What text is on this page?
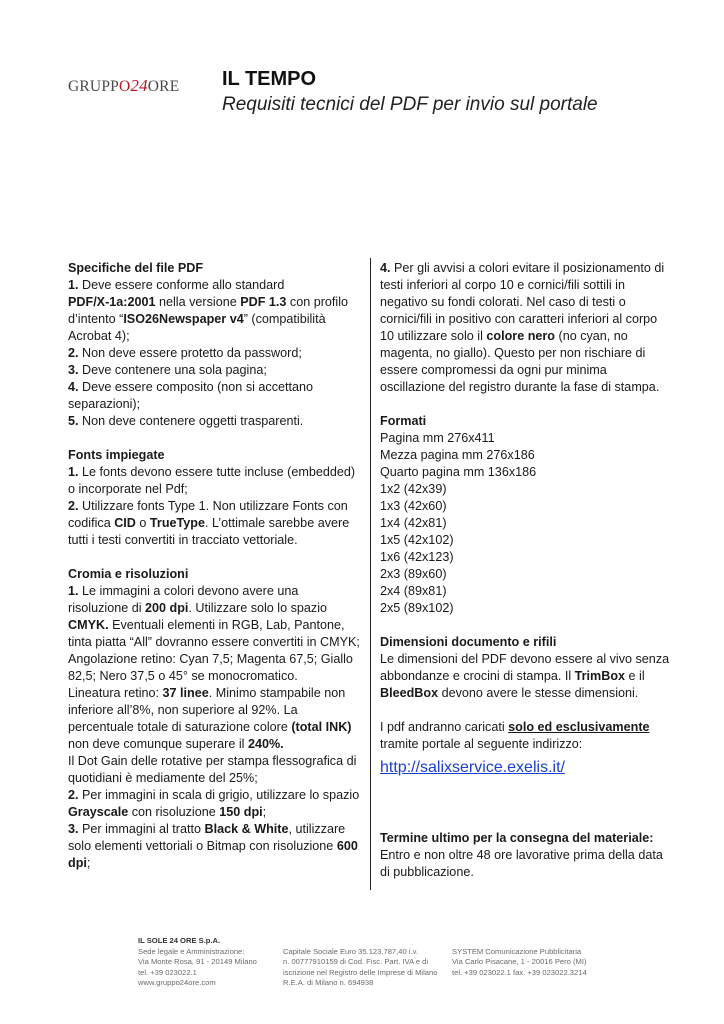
GRUPPO24ORE IL TEMPO
Requisiti tecnici del PDF per invio sul portale

Specifiche del file PDF

1. Deve essere conforme allo standard
PDF/X-1a:2001 nella versione PDF 1.3 con profilo d’intento “ISO26Newspaper v4” (compatibilità Acrobat 4);

2. Non deve essere protetto da password;

3. Deve contenere una sola pagina;

4. Deve essere composito (non si accettano separazioni);

5. Non deve contenere oggetti trasparenti.

Fonts impiegate

1. Le fonts devono essere tutte incluse (embedded) o incorporate nel Pdf;

2. Utilizzare fonts Type 1. Non utilizzare Fonts con codifica CID o TrueType. L’ottimale sarebbe avere tutti i testi convertiti in tracciato vettoriale.

Cromia e risoluzioni

1. Le immagini a colori devono avere una risoluzione di 200 dpi. Utilizzare solo lo spazio CMYK. Eventuali elementi in RGB, Lab, Pantone, tinta piatta “All” dovranno essere convertiti in CMYK;

Angolazione retino: Cyan 7,5; Magenta 67,5; Giallo 82,5; Nero 37,5 o 45° se monocromatico.

Lineatura retino: 37 linee. Minimo stampabile non inferiore all’8%, non superiore al 92%. La percentuale totale di saturazione colore (total INK) non deve comunque superare il 240%.

Il Dot Gain delle rotative per stampa flessografica di quotidiani è mediamente del 25%;

2. Per immagini in scala di grigio, utilizzare lo spazio Grayscale con risoluzione 150 dpi;

3. Per immagini al tratto Black & White, utilizzare solo elementi vettoriali o Bitmap con risoluzione 600 dpi;

4. Per gli avvisi a colori evitare il posizionamento di testi inferiori al corpo 10 e cornici/fili sottili in negativo su fondi colorati. Nel caso di testi o cornici/fili in positivo con caratteri inferiori al corpo 10 utilizzare solo il colore nero (no cyan, no magenta, no giallo). Questo per non rischiare di essere compromessi da ogni pur minima oscillazione del registro durante la fase di stampa.

Formati

Pagina mm 276x411

Mezza pagina mm 276x186

Quarto pagina mm 136x186

1x2 (42x39)

1x3 (42x60)

1x4 (42x81)

1x5 (42x102)

1x6 (42x123)

2x3 (89x60)

2x4 (89x81)

2x5 (89x102)

Dimensioni documento e rifili

Le dimensioni del PDF devono essere al vivo senza abbondanze e crocini di stampa. Il TrimBox e il BleedBox devono avere le stesse dimensioni.

I pdf andranno caricati solo ed esclusivamente tramite portale al seguente indirizzo:

http://salixservice.exelis.it/

Termine ultimo per la consegna del materiale:

Entro e non oltre 48 ore lavorative prima della data di pubblicazione.

IL SOLE 24 ORE S.p.A.
Sede legale e Amministrazione:
Via Monte Rosa, 91 - 20149 Milano
tel. +39 023022.1
www.gruppo24ore.com
Capitale Sociale Euro 35.123.787,40 i.v.
n. 00777910159 di Cod. Fisc. Part. IVA e di
iscrizione nel Registro delle Imprese di Milano
R.E.A. di Milano n. 694938
SYSTEM Comunicazione Pubblicitaria
Via Carlo Pisacane, 1 - 20016 Pero (MI)
tel. +39 023022.1 fax. +39 023022.3214
